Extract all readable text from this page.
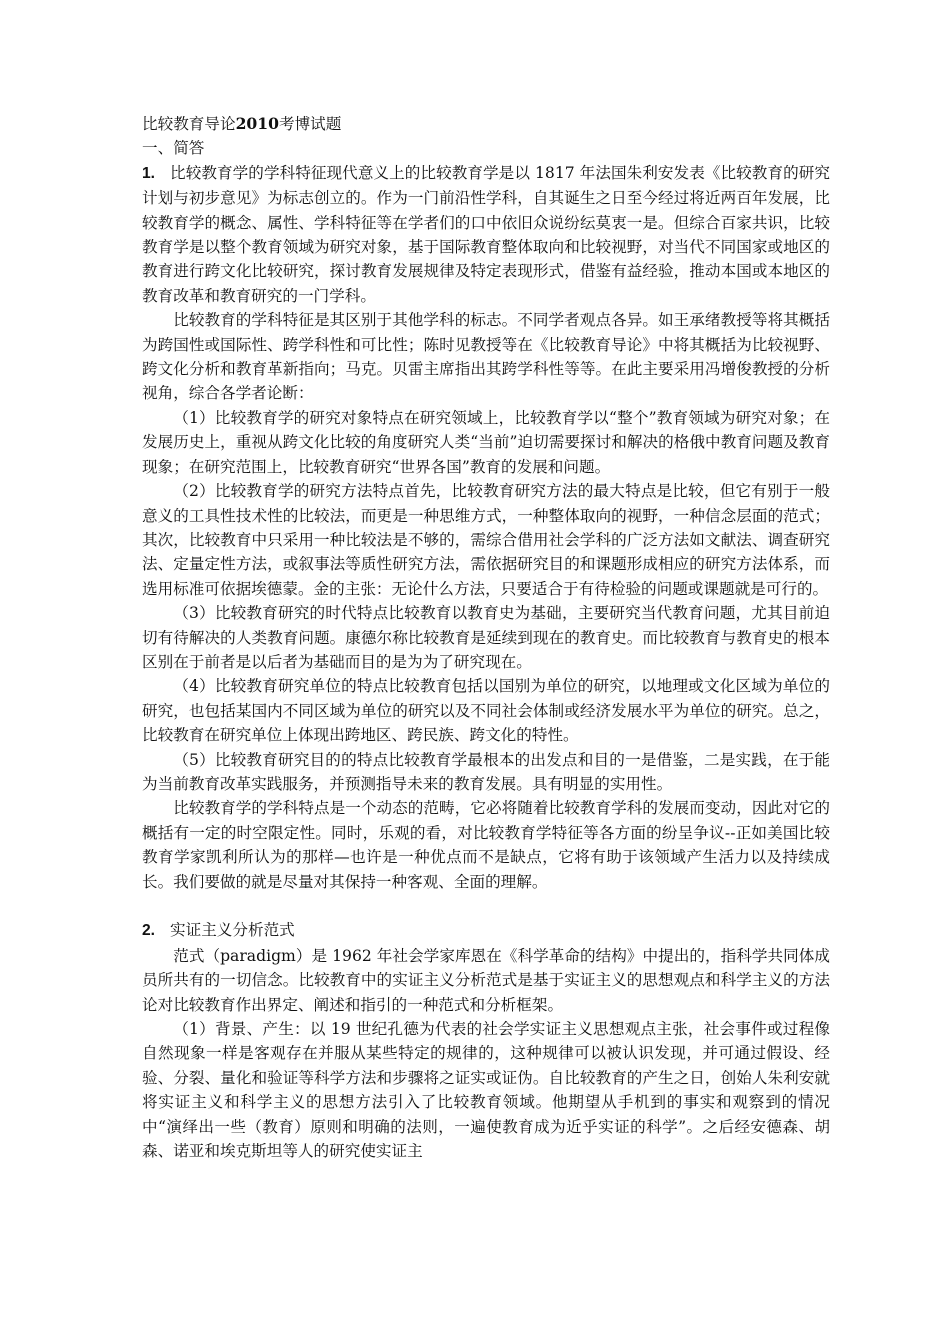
比较教育导论2010考博试题

一、简答

1. 比较教育学的学科特征现代意义上的比较教育学是以 1817 年法国朱利安发表《比较教育的研究计划与初步意见》为标志创立的。作为一门前沿性学科，自其诞生之日至今经过将近两百年发展，比较教育学的概念、属性、学科特征等在学者们的口中依旧众说纷纭莫衷一是。但综合百家共识，比较教育学是以整个教育领域为研究对象，基于国际教育整体取向和比较视野，对当代不同国家或地区的教育进行跨文化比较研究，探讨教育发展规律及特定表现形式，借鉴有益经验，推动本国或本地区的教育改革和教育研究的一门学科。

比较教育的学科特征是其区别于其他学科的标志。不同学者观点各异。如王承绪教授等将其概括为跨国性或国际性、跨学科性和可比性；陈时见教授等在《比较教育导论》中将其概括为比较视野、跨文化分析和教育革新指向；马克。贝雷主席指出其跨学科性等等。在此主要采用冯增俊教授的分析视角，综合各学者论断：

（1）比较教育学的研究对象特点在研究领域上，比较教育学以“整个”教育领域为研究对象；在发展历史上，重视从跨文化比较的角度研究人类“当前”迫切需要探讨和解决的格俄中教育问题及教育现象；在研究范围上，比较教育研究“世界各国”教育的发展和问题。

（2）比较教育学的研究方法特点首先，比较教育研究方法的最大特点是比较，但它有别于一般意义的工具性技术性的比较法，而更是一种思维方式，一种整体取向的视野，一种信念层面的范式；其次，比较教育中只采用一种比较法是不够的，需综合借用社会学科的广泛方法如文献法、调查研究法、定量定性方法，或叙事法等质性研究方法，需依据研究目的和课题形成相应的研究方法体系，而选用标准可依据埃德蒙。金的主张：无论什么方法，只要适合于有待检验的问题或课题就是可行的。

（3）比较教育研究的时代特点比较教育以教育史为基础，主要研究当代教育问题，尤其目前迫切有待解决的人类教育问题。康德尔称比较教育是延续到现在的教育史。而比较教育与教育史的根本区别在于前者是以后者为基础而目的是为为了研究现在。

（4）比较教育研究单位的特点比较教育包括以国别为单位的研究，以地理或文化区域为单位的研究，也包括某国内不同区域为单位的研究以及不同社会体制或经济发展水平为单位的研究。总之，比较教育在研究单位上体现出跨地区、跨民族、跨文化的特性。

（5）比较教育研究目的的特点比较教育学最根本的出发点和目的一是借鉴，二是实践，在于能为当前教育改革实践服务，并预测指导未来的教育发展。具有明显的实用性。

比较教育学的学科特点是一个动态的范畴，它必将随着比较教育学科的发展而变动，因此对它的概括有一定的时空限定性。同时，乐观的看，对比较教育学特征等各方面的纷呈争议--正如美国比较教育学家凯利所认为的那样—也许是一种优点而不是缺点，它将有助于该领域产生活力以及持续成长。我们要做的就是尽量对其保持一种客观、全面的理解。

2. 实证主义分析范式

范式（paradigm）是 1962 年社会学家库恩在《科学革命的结构》中提出的，指科学共同体成员所共有的一切信念。比较教育中的实证主义分析范式是基于实证主义的思想观点和科学主义的方法论对比较教育作出界定、阐述和指引的一种范式和分析框架。

（1）背景、产生：以 19 世纪孔德为代表的社会学实证主义思想观点主张，社会事件或过程像自然现象一样是客观存在并服从某些特定的规律的，这种规律可以被认识发现，并可通过假设、经验、分裂、量化和验证等科学方法和步骤将之证实或证伪。自比较教育的产生之日，创始人朱利安就将实证主义和科学主义的思想方法引入了比较教育领域。他期望从手机到的事实和观察到的情况中“演绎出一些（教育）原则和明确的法则，一遍使教育成为近乎实证的科学”。之后经安德森、胡森、诺亚和埃克斯坦等人的研究使实证主
